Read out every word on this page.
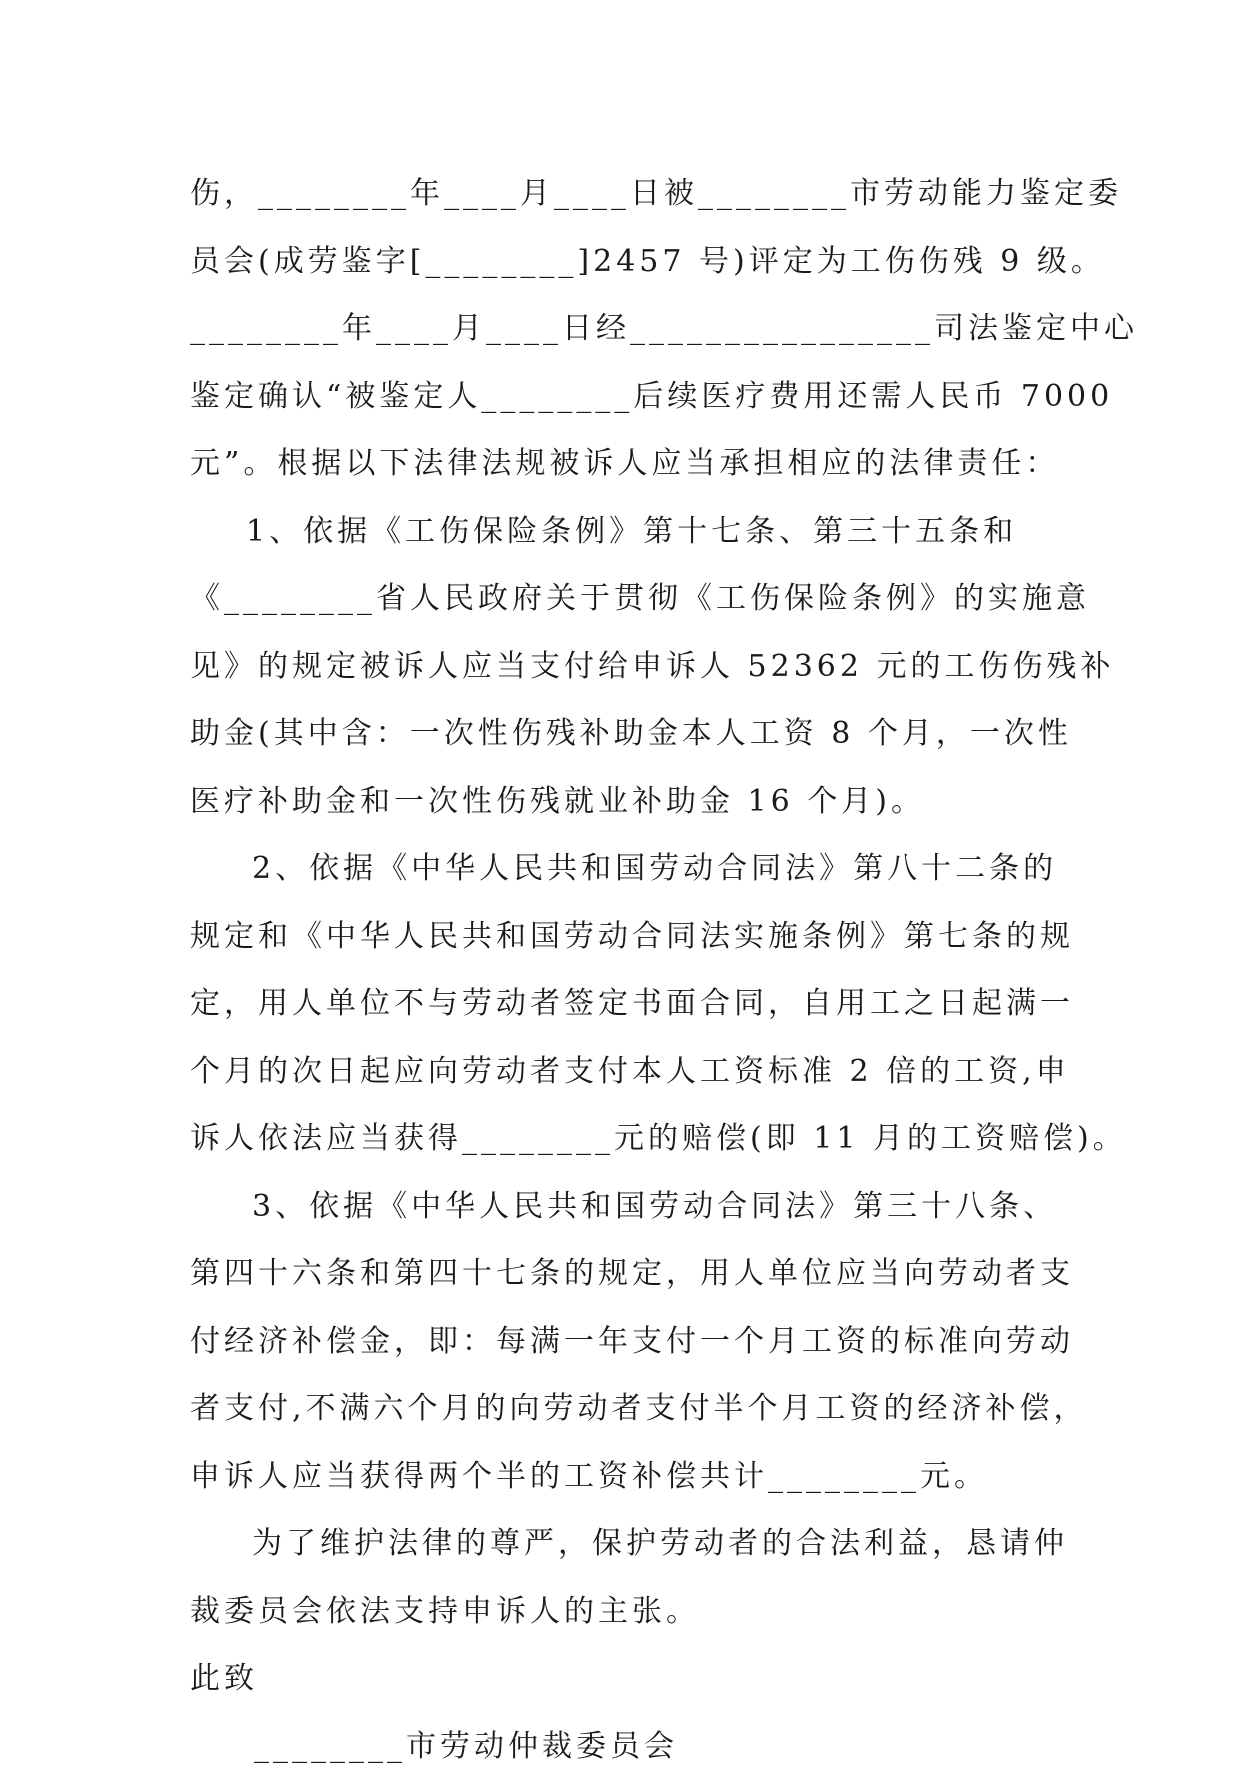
伤，________年____月____日被________市劳动能力鉴定委
员会(成劳鉴字[________]2457 号)评定为工伤伤残 9 级。
________年____月____日经________________司法鉴定中心
鉴定确认“被鉴定人________后续医疗费用还需人民币 7000
元”。根据以下法律法规被诉人应当承担相应的法律责任：
1、依据《工伤保险条例》第十七条、第三十五条和
《________省人民政府关于贯彻《工伤保险条例》的实施意
见》的规定被诉人应当支付给申诉人 52362 元的工伤伤残补
助金(其中含：一次性伤残补助金本人工资 8 个月，一次性
医疗补助金和一次性伤残就业补助金 16 个月)。
2、依据《中华人民共和国劳动合同法》第八十二条的
规定和《中华人民共和国劳动合同法实施条例》第七条的规
定，用人单位不与劳动者签定书面合同，自用工之日起满一
个月的次日起应向劳动者支付本人工资标准 2 倍的工资,申
诉人依法应当获得________元的赔偿(即 11 月的工资赔偿)。
3、依据《中华人民共和国劳动合同法》第三十八条、
第四十六条和第四十七条的规定，用人单位应当向劳动者支
付经济补偿金，即：每满一年支付一个月工资的标准向劳动
者支付,不满六个月的向劳动者支付半个月工资的经济补偿，
申诉人应当获得两个半的工资补偿共计________元。
为了维护法律的尊严，保护劳动者的合法利益，恳请仲
裁委员会依法支持申诉人的主张。
此致
________市劳动仲裁委员会
